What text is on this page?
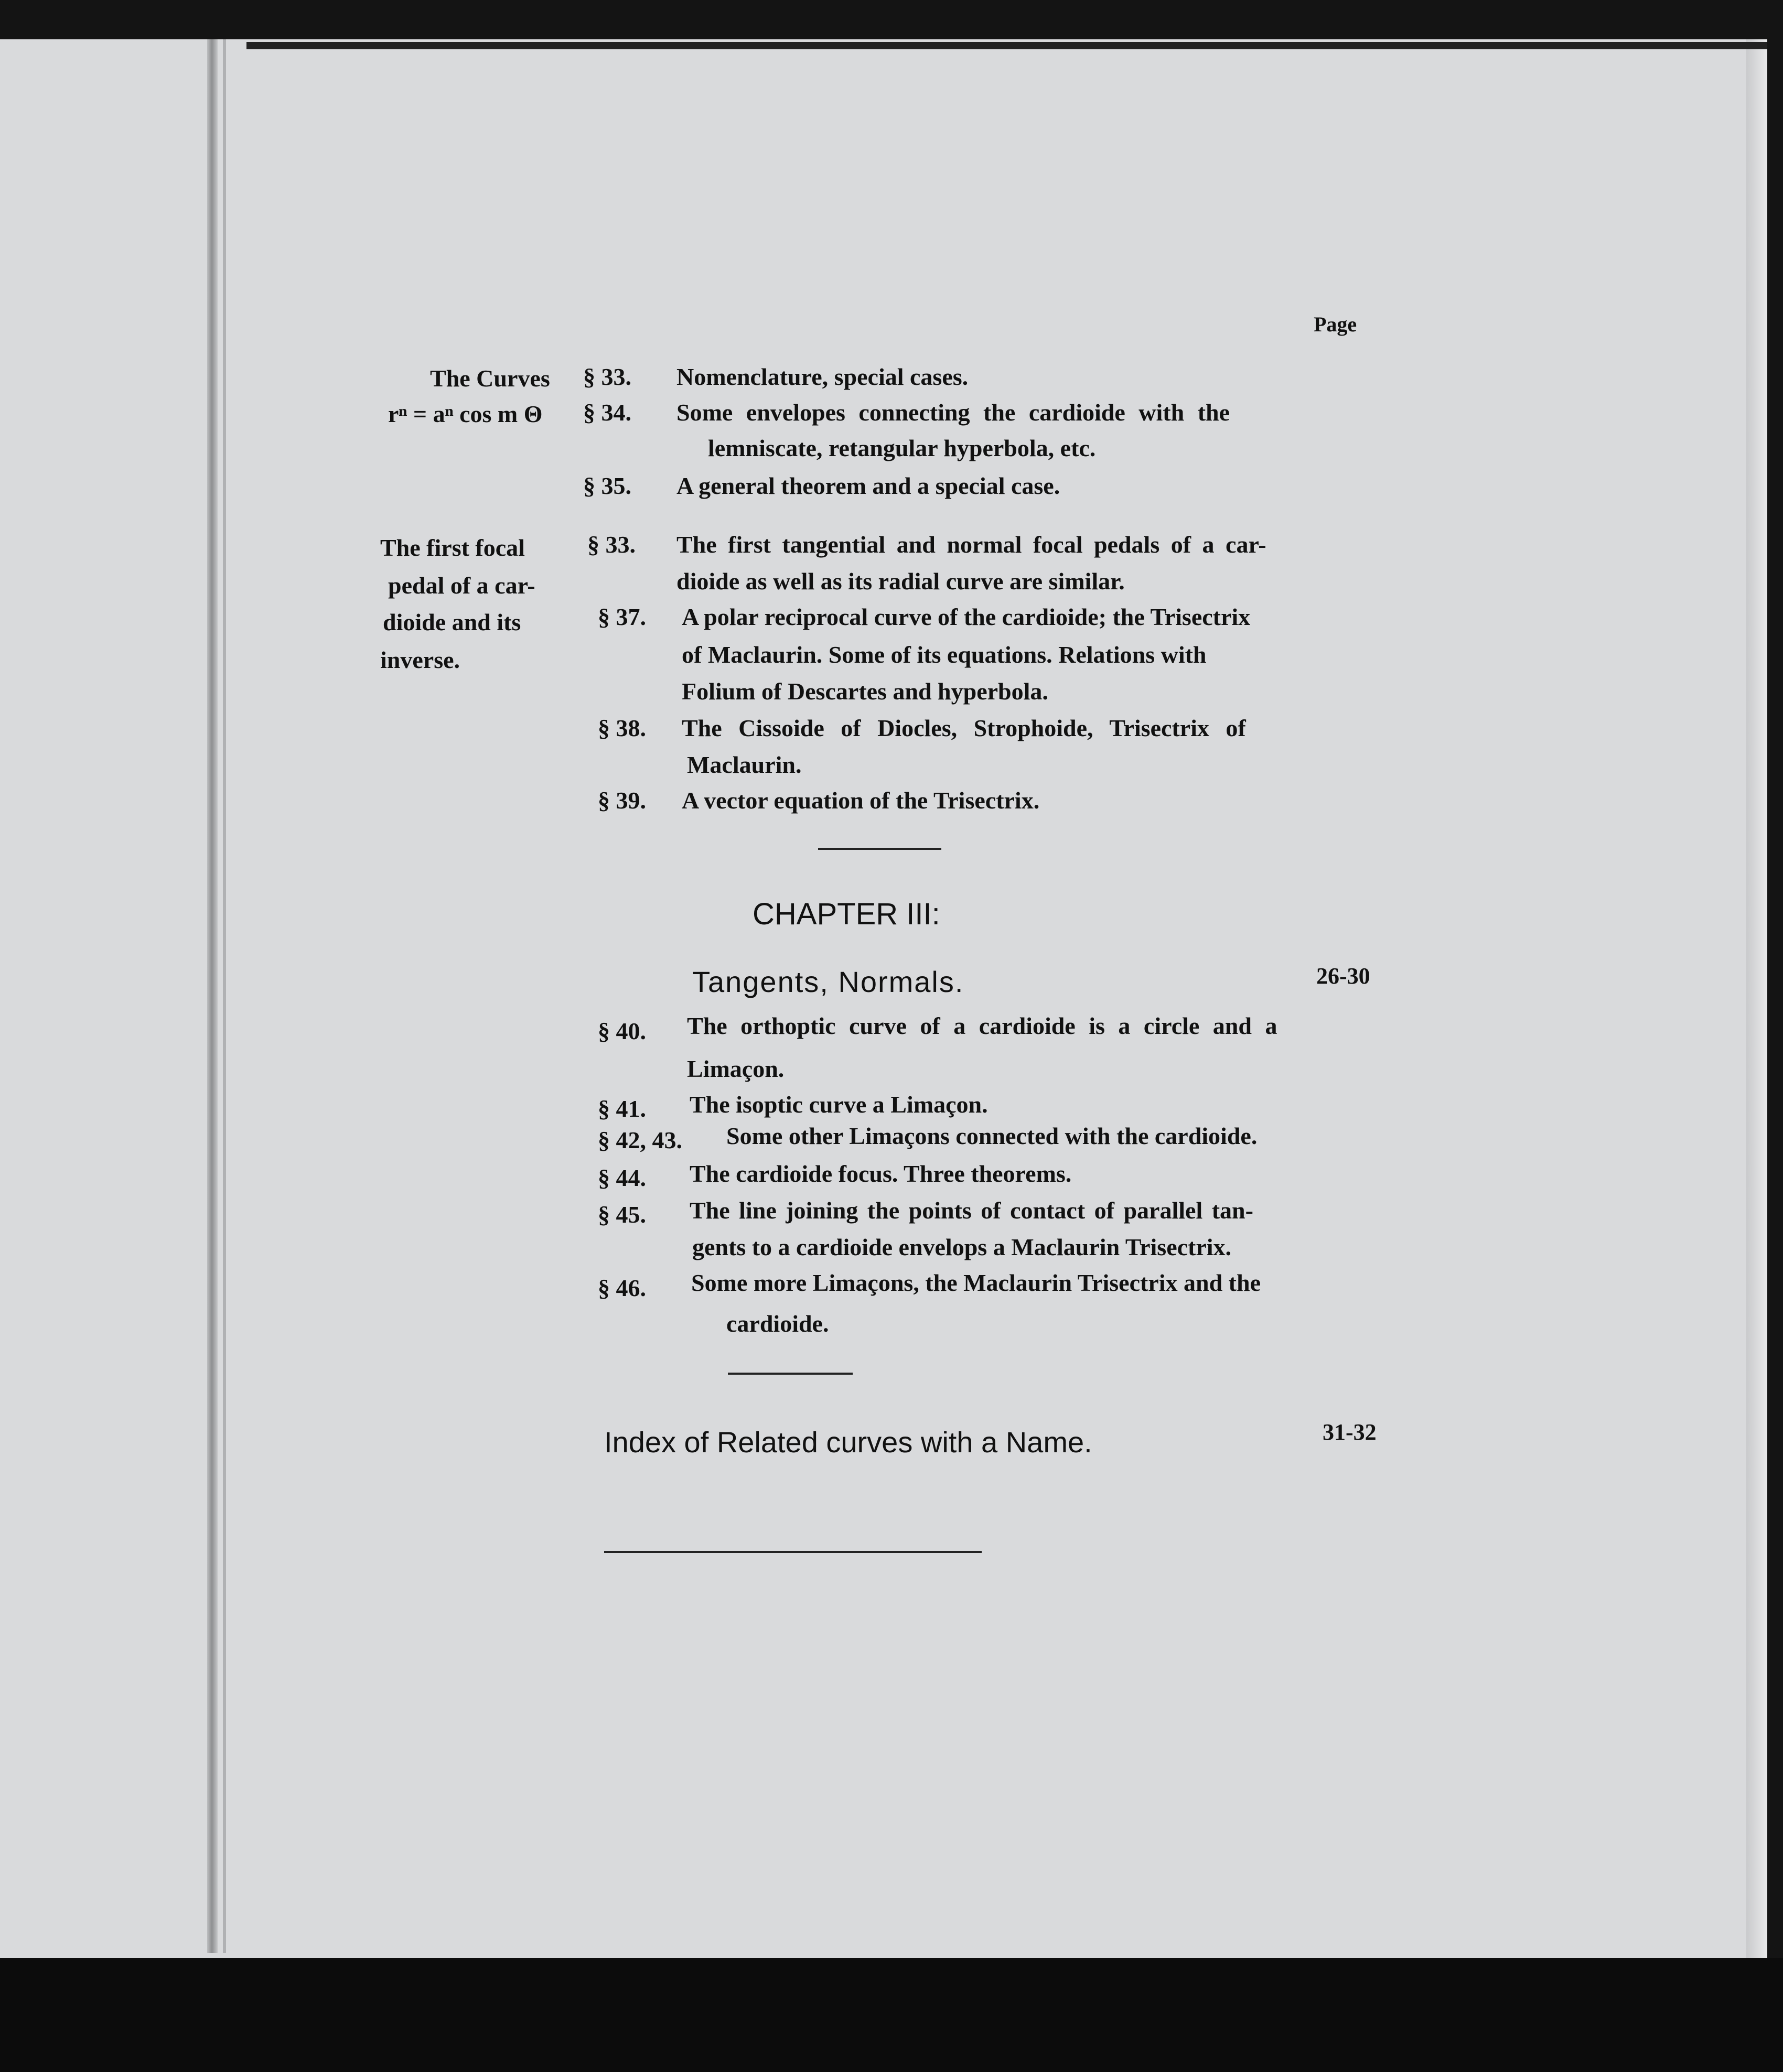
Page
The Curves
rⁿ = aⁿ cos m Θ
§ 33. Nomenclature, special cases.
§ 34. Some envelopes connecting the cardioide with the
lemniscate, retangular hyperbola, etc.
§ 35. A general theorem and a special case.
The first focal
pedal of a car-
dioide and its
inverse.
§ 33. The first tangential and normal focal pedals of a car-
dioide as well as its radial curve are similar.
§ 37. A polar reciprocal curve of the cardioide; the Trisectrix
of Maclaurin. Some of its equations. Relations with
Folium of Descartes and hyperbola.
§ 38. The Cissoide of Diocles, Strophoide, Trisectrix of
Maclaurin.
§ 39. A vector equation of the Trisectrix.
CHAPTER III:
Tangents, Normals.	26-30
§ 40. The orthoptic curve of a cardioide is a circle and a
Limaçon.
§ 41. The isoptic curve a Limaçon.
§ 42, 43. Some other Limaçons connected with the cardioide.
§ 44. The cardioide focus. Three theorems.
§ 45. The line joining the points of contact of parallel tan-
gents to a cardioide envelops a Maclaurin Trisectrix.
§ 46. Some more Limaçons, the Maclaurin Trisectrix and the
cardioide.
Index of Related curves with a Name.	31-32
